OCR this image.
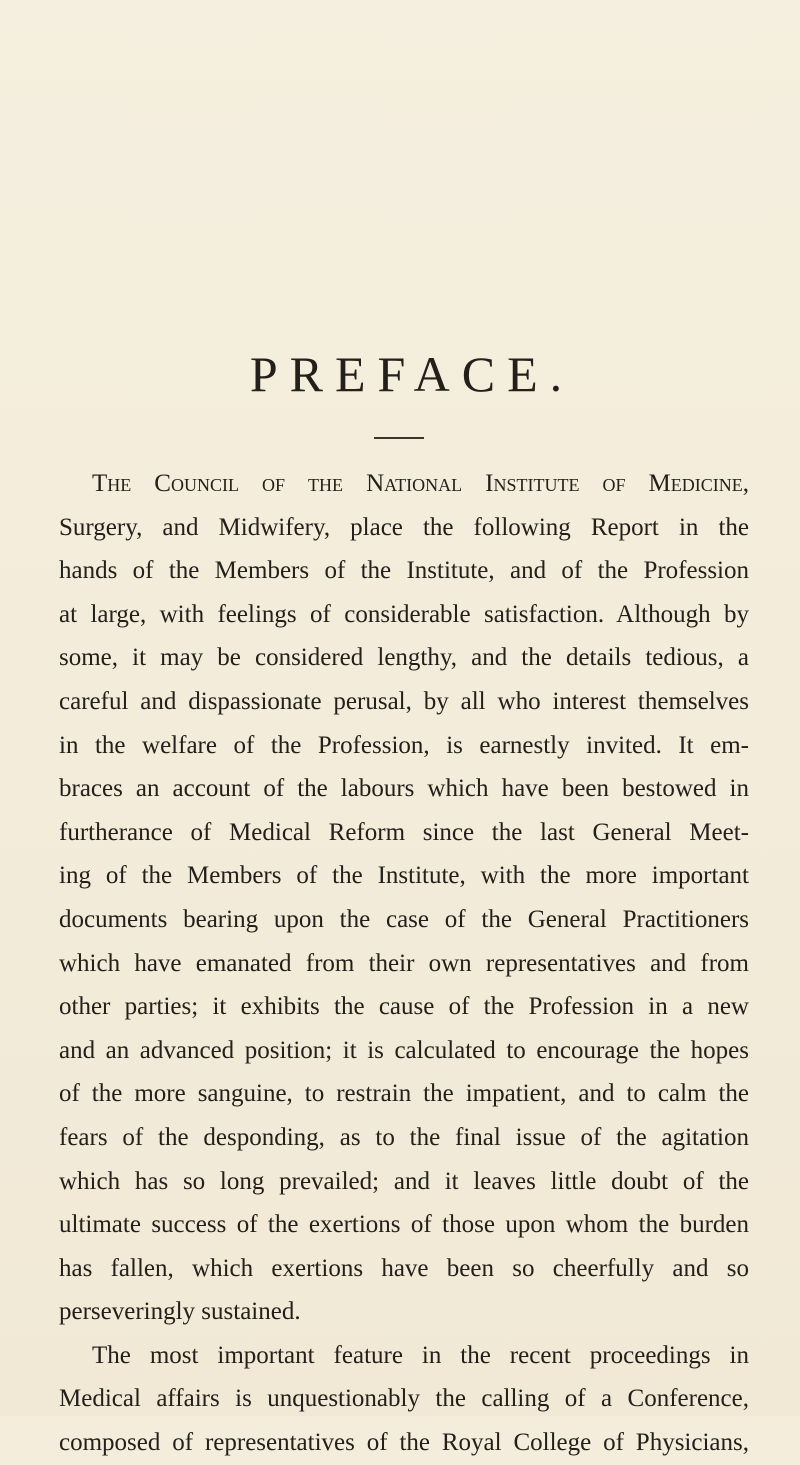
PREFACE.
The Council of the National Institute of Medicine,
Surgery, and Midwifery, place the following Report in the
hands of the Members of the Institute, and of the Profession
at large, with feelings of considerable satisfaction. Although by
some, it may be considered lengthy, and the details tedious, a
careful and dispassionate perusal, by all who interest themselves
in the welfare of the Profession, is earnestly invited. It em-
braces an account of the labours which have been bestowed in
furtherance of Medical Reform since the last General Meet-
ing of the Members of the Institute, with the more important
documents bearing upon the case of the General Practitioners
which have emanated from their own representatives and from
other parties; it exhibits the cause of the Profession in a new
and an advanced position; it is calculated to encourage the hopes
of the more sanguine, to restrain the impatient, and to calm the
fears of the desponding, as to the final issue of the agitation
which has so long prevailed; and it leaves little doubt of the
ultimate success of the exertions of those upon whom the burden
has fallen, which exertions have been so cheerfully and so
perseveringly sustained.
The most important feature in the recent proceedings in
Medical affairs is unquestionably the calling of a Conference,
composed of representatives of the Royal College of Physicians,
